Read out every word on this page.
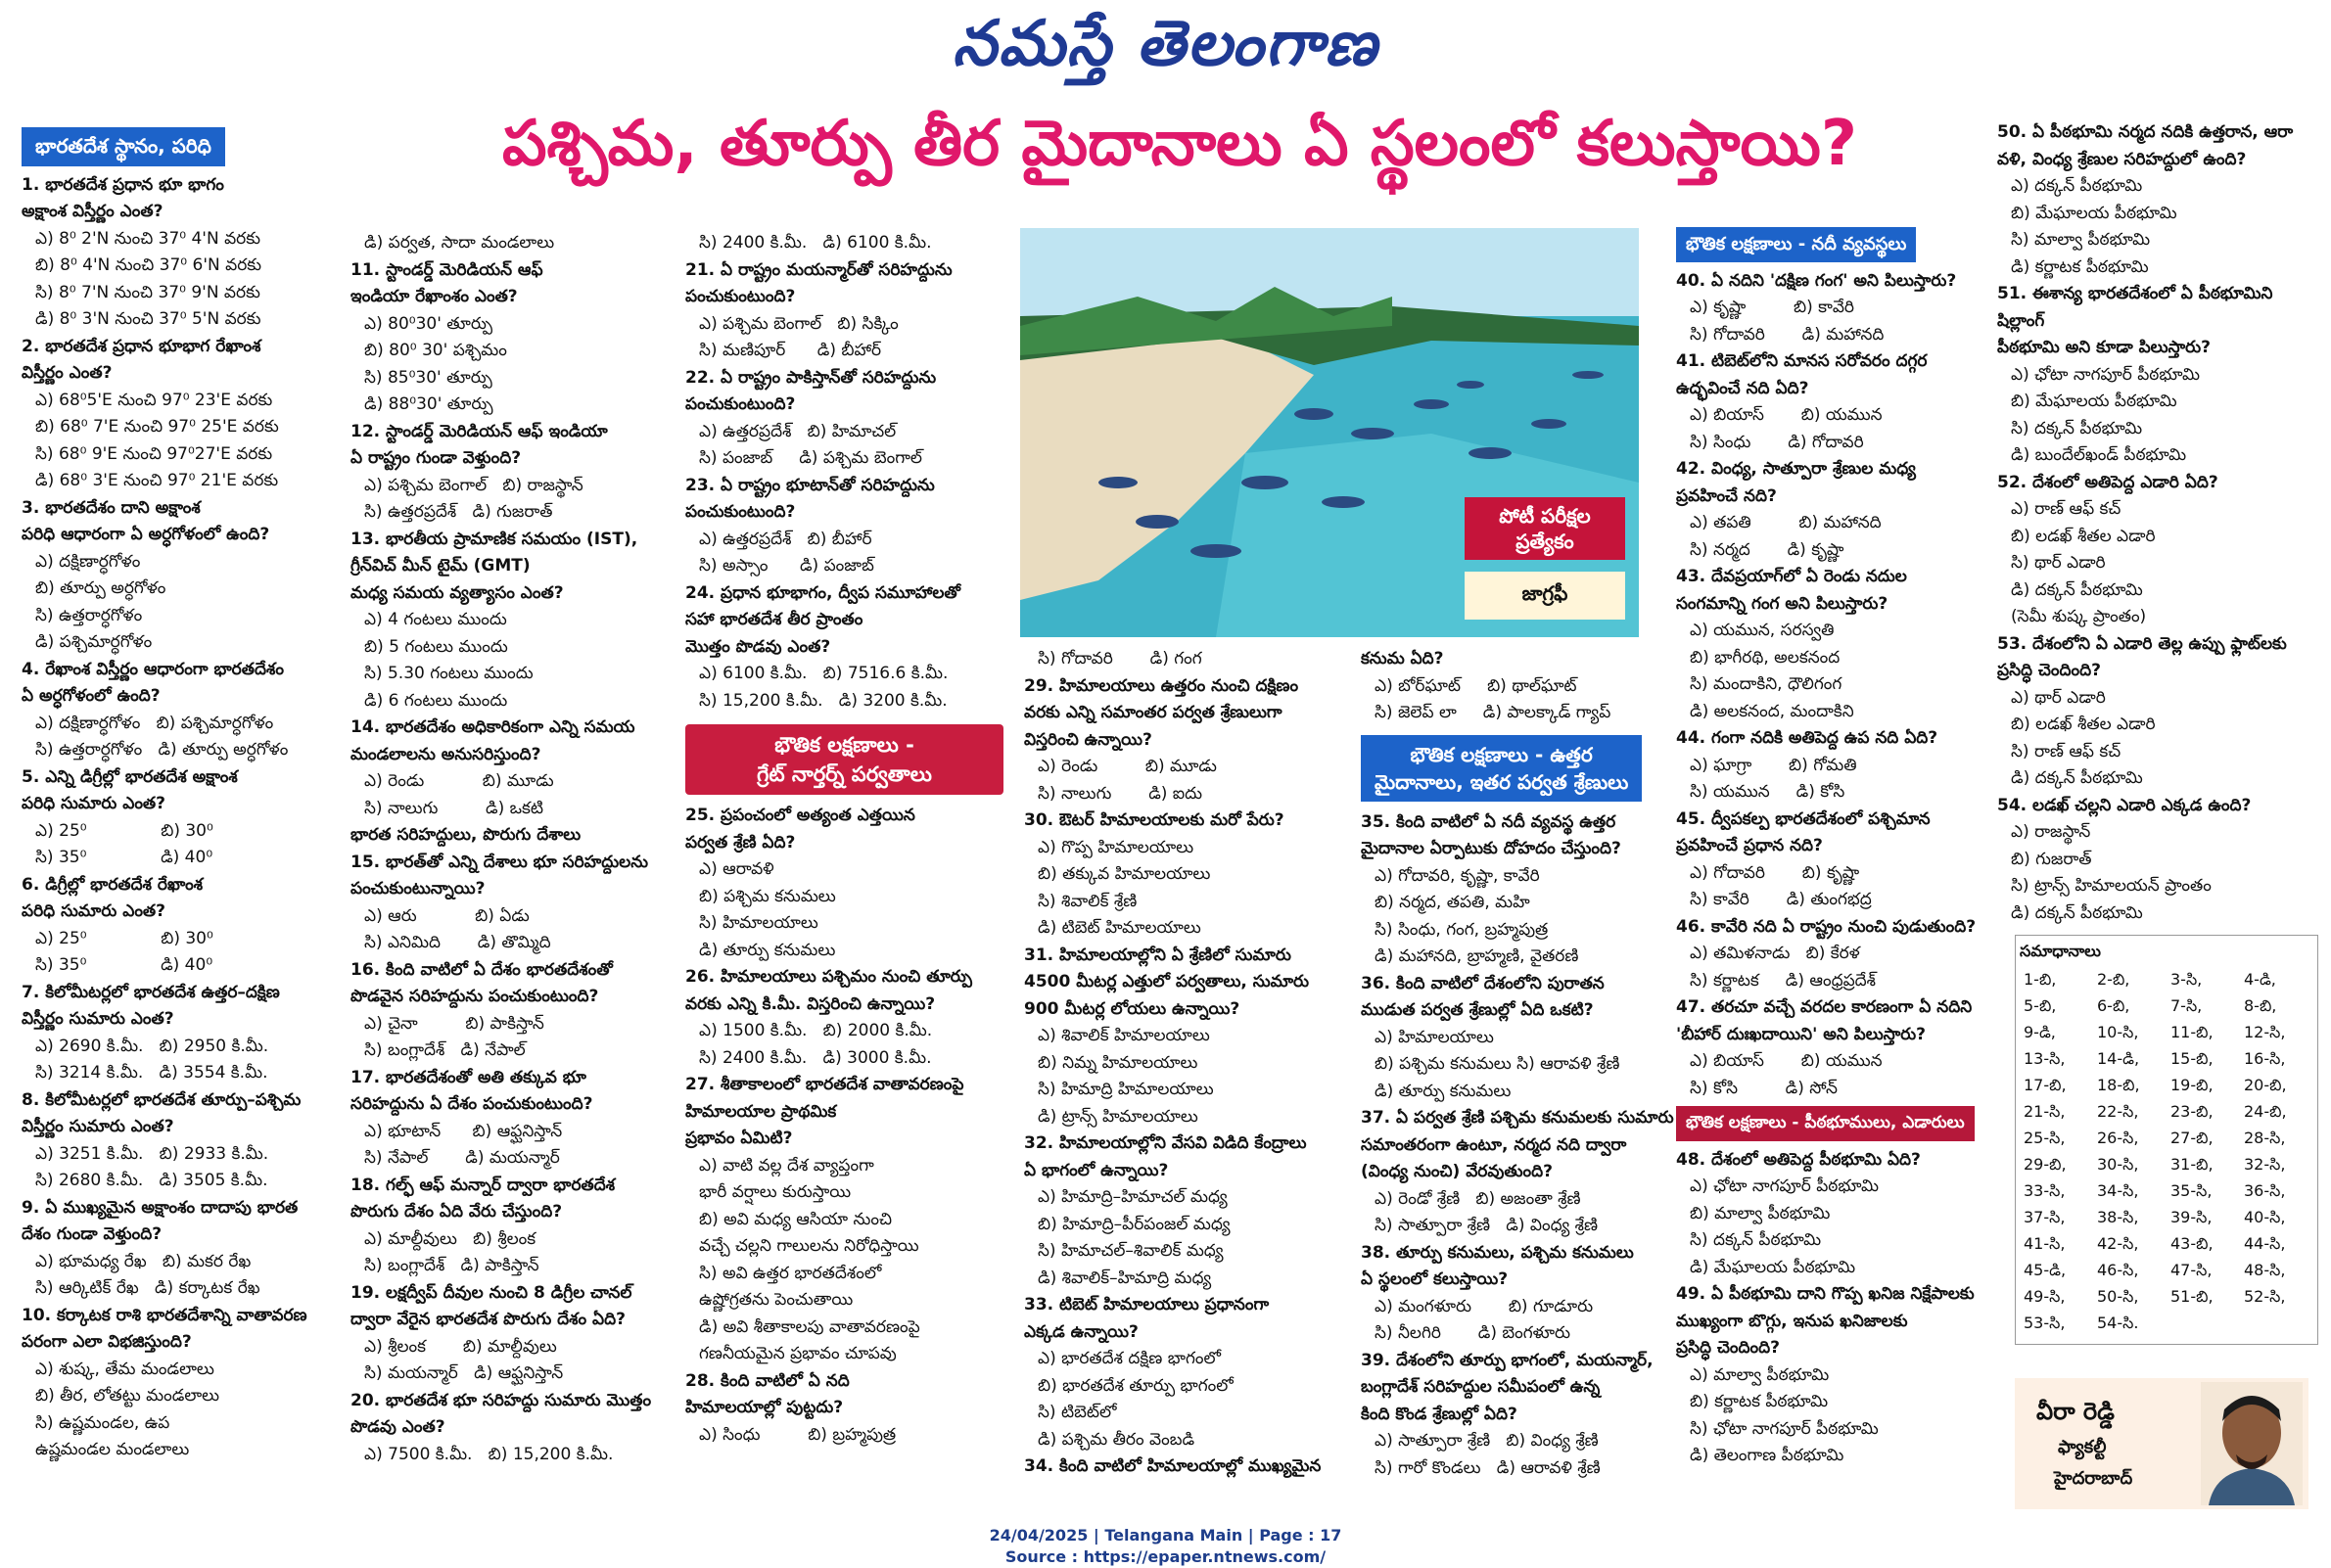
నమస్తే తెలంగాణ
పశ్చిమ, తూర్పు తీర మైదానాలు ఏ స్థలంలో కలుస్తాయి?
భారతదేశ స్థానం, పరిధి
1. భారతదేశ ప్రధాన భూ భాగం
అక్షాంశ విస్తీర్ణం ఎంత?
ఎ) 8⁰ 2'N నుంచి 37⁰ 4'N వరకు
బి) 8⁰ 4'N నుంచి 37⁰ 6'N వరకు
సి) 8⁰ 7'N నుంచి 37⁰ 9'N వరకు
డి) 8⁰ 3'N నుంచి 37⁰ 5'N వరకు
2. భారతదేశ ప్రధాన భూభాగ రేఖాంశ
విస్తీర్ణం ఎంత?
ఎ) 68⁰5'E నుంచి 97⁰ 23'E వరకు
బి) 68⁰ 7'E నుంచి 97⁰ 25'E వరకు
సి) 68⁰ 9'E నుంచి 97⁰27'E వరకు
డి) 68⁰ 3'E నుంచి 97⁰ 21'E వరకు
3. భారతదేశం దాని అక్షాంశ
పరిధి ఆధారంగా ఏ అర్ధగోళంలో ఉంది?
ఎ) దక్షిణార్ధగోళం
బి) తూర్పు అర్ధగోళం
సి) ఉత్తరార్ధగోళం
డి) పశ్చిమార్ధగోళం
4. రేఖాంశ విస్తీర్ణం ఆధారంగా భారతదేశం
ఏ అర్ధగోళంలో ఉంది?
ఎ) దక్షిణార్ధగోళం   బి) పశ్చిమార్ధగోళం
సి) ఉత్తరార్ధగోళం   డి) తూర్పు అర్ధగోళం
5. ఎన్ని డిగ్రీల్లో భారతదేశ అక్షాంశ
పరిధి సుమారు ఎంత?
ఎ) 25⁰              బి) 30⁰
సి) 35⁰              డి) 40⁰
6. డిగ్రీల్లో భారతదేశ రేఖాంశ
పరిధి సుమారు ఎంత?
ఎ) 25⁰              బి) 30⁰
సి) 35⁰              డి) 40⁰
7. కిలోమీటర్లలో భారతదేశ ఉత్తర–దక్షిణ
విస్తీర్ణం సుమారు ఎంత?
ఎ) 2690 కి.మీ.   బి) 2950 కి.మీ.
సి) 3214 కి.మీ.   డి) 3554 కి.మీ.
8. కిలోమీటర్లలో భారతదేశ తూర్పు–పశ్చిమ
విస్తీర్ణం సుమారు ఎంత?
ఎ) 3251 కి.మీ.   బి) 2933 కి.మీ.
సి) 2680 కి.మీ.   డి) 3505 కి.మీ.
9. ఏ ముఖ్యమైన అక్షాంశం దాదాపు భారత
దేశం గుండా వెళ్తుంది?
ఎ) భూమధ్య రేఖ   బి) మకర రేఖ
సి) ఆర్కిటిక్ రేఖ   డి) కర్కాటక రేఖ
10. కర్కాటక రాశి భారతదేశాన్ని వాతావరణ
పరంగా ఎలా విభజిస్తుంది?
ఎ) శుష్క, తేమ మండలాలు
బి) తీర, లోతట్టు మండలాలు
సి) ఉష్ణమండల, ఉప
ఉష్ణమండల మండలాలు
డి) పర్వత, సాదా మండలాలు
11. స్టాండర్డ్ మెరిడియన్ ఆఫ్
ఇండియా రేఖాంశం ఎంత?
ఎ) 80⁰30' తూర్పు
బి) 80⁰ 30' పశ్చిమం
సి) 85⁰30' తూర్పు
డి) 88⁰30' తూర్పు
12. స్టాండర్డ్ మెరిడియన్ ఆఫ్ ఇండియా
ఏ రాష్ట్రం గుండా వెళ్తుంది?
ఎ) పశ్చిమ బెంగాల్   బి) రాజస్థాన్
సి) ఉత్తరప్రదేశ్   డి) గుజరాత్
13. భారతీయ ప్రామాణిక సమయం (IST),
గ్రీన్‌విచ్ మీన్ టైమ్ (GMT)
మధ్య సమయ వ్యత్యాసం ఎంత?
ఎ) 4 గంటలు ముందు
బి) 5 గంటలు ముందు
సి) 5.30 గంటలు ముందు
డి) 6 గంటలు ముందు
14. భారతదేశం అధికారికంగా ఎన్ని సమయ
మండలాలను అనుసరిస్తుంది?
ఎ) రెండు           బి) మూడు
సి) నాలుగు         డి) ఒకటి
భారత సరిహద్దులు, పొరుగు దేశాలు
15. భారత్‌తో ఎన్ని దేశాలు భూ సరిహద్దులను
పంచుకుంటున్నాయి?
ఎ) ఆరు           బి) ఏడు
సి) ఎనిమిది       డి) తొమ్మిది
16. కింది వాటిలో ఏ దేశం భారతదేశంతో
పొడవైన సరిహద్దును పంచుకుంటుంది?
ఎ) చైనా         బి) పాకిస్తాన్
సి) బంగ్లాదేశ్   డి) నేపాల్
17. భారతదేశంతో అతి తక్కువ భూ
సరిహద్దును ఏ దేశం పంచుకుంటుంది?
ఎ) భూటాన్      బి) ఆఫ్ఘనిస్తాన్
సి) నేపాల్       డి) మయన్మార్
18. గల్ఫ్ ఆఫ్ మన్నార్ ద్వారా భారతదేశ
పొరుగు దేశం ఏది వేరు చేస్తుంది?
ఎ) మాల్దీవులు   బి) శ్రీలంక
సి) బంగ్లాదేశ్   డి) పాకిస్తాన్
19. లక్షద్వీప్ దీవుల నుంచి 8 డిగ్రీల చానల్
ద్వారా వేరైన భారతదేశ పొరుగు దేశం ఏది?
ఎ) శ్రీలంక       బి) మాల్దీవులు
సి) మయన్మార్   డి) ఆఫ్ఘనిస్తాన్
20. భారతదేశ భూ సరిహద్దు సుమారు మొత్తం
పొడవు ఎంత?
ఎ) 7500 కి.మీ.   బి) 15,200 కి.మీ.
సి) 2400 కి.మీ.   డి) 6100 కి.మీ.
21. ఏ రాష్ట్రం మయన్మార్‌తో సరిహద్దును
పంచుకుంటుంది?
ఎ) పశ్చిమ బెంగాల్   బి) సిక్కిం
సి) మణిపూర్      డి) బీహార్
22. ఏ రాష్ట్రం పాకిస్తాన్‌తో సరిహద్దును
పంచుకుంటుంది?
ఎ) ఉత్తరప్రదేశ్   బి) హిమాచల్
సి) పంజాబ్     డి) పశ్చిమ బెంగాల్
23. ఏ రాష్ట్రం భూటాన్‌తో సరిహద్దును
పంచుకుంటుంది?
ఎ) ఉత్తరప్రదేశ్   బి) బీహార్
సి) అస్సాం      డి) పంజాబ్
24. ప్రధాన భూభాగం, ద్వీప సమూహాలతో
సహా భారతదేశ తీర ప్రాంతం
మొత్తం పొడవు ఎంత?
ఎ) 6100 కి.మీ.   బి) 7516.6 కి.మీ.
సి) 15,200 కి.మీ.   డి) 3200 కి.మీ.
భౌతిక లక్షణాలు -
గ్రేట్ నార్తర్న్ పర్వతాలు
25. ప్రపంచంలో అత్యంత ఎత్తయిన
పర్వత శ్రేణి ఏది?
ఎ) ఆరావళి
బి) పశ్చిమ కనుమలు
సి) హిమాలయాలు
డి) తూర్పు కనుమలు
26. హిమాలయాలు పశ్చిమం నుంచి తూర్పు
వరకు ఎన్ని కి.మీ. విస్తరించి ఉన్నాయి?
ఎ) 1500 కి.మీ.   బి) 2000 కి.మీ.
సి) 2400 కి.మీ.   డి) 3000 కి.మీ.
27. శీతాకాలంలో భారతదేశ వాతావరణంపై
హిమాలయాల ప్రాథమిక
ప్రభావం ఏమిటి?
ఎ) వాటి వల్ల దేశ వ్యాప్తంగా
భారీ వర్షాలు కురుస్తాయి
బి) అవి మధ్య ఆసియా నుంచి
వచ్చే చల్లని గాలులను నిరోధిస్తాయి
సి) అవి ఉత్తర భారతదేశంలో
ఉష్ణోగ్రతను పెంచుతాయి
డి) అవి శీతాకాలపు వాతావరణంపై
గణనీయమైన ప్రభావం చూపవు
28. కింది వాటిలో ఏ నది
హిమాలయాల్లో పుట్టదు?
ఎ) సింధు         బి) బ్రహ్మపుత్ర
పోటీ పరీక్షల
ప్రత్యేకం
జాగ్రఫీ
సి) గోదావరి       డి) గంగ
29. హిమాలయాలు ఉత్తరం నుంచి దక్షిణం
వరకు ఎన్ని సమాంతర పర్వత శ్రేణులుగా
విస్తరించి ఉన్నాయి?
ఎ) రెండు         బి) మూడు
సి) నాలుగు       డి) ఐదు
30. ఔటర్ హిమాలయాలకు మరో పేరు?
ఎ) గొప్ప హిమాలయాలు
బి) తక్కువ హిమాలయాలు
సి) శివాలిక్ శ్రేణి
డి) టిబెట్ హిమాలయాలు
31. హిమాలయాల్లోని ఏ శ్రేణిలో సుమారు
4500 మీటర్ల ఎత్తులో పర్వతాలు, సుమారు
900 మీటర్ల లోయలు ఉన్నాయి?
ఎ) శివాలిక్ హిమాలయాలు
బి) నిమ్న హిమాలయాలు
సి) హిమాద్రి హిమాలయాలు
డి) ట్రాన్స్ హిమాలయాలు
32. హిమాలయాల్లోని వేసవి విడిది కేంద్రాలు
ఏ భాగంలో ఉన్నాయి?
ఎ) హిమాద్రి–హిమాచల్ మధ్య
బి) హిమాద్రి–పీర్‌పంజల్ మధ్య
సి) హిమాచల్–శివాలిక్ మధ్య
డి) శివాలిక్–హిమాద్రి మధ్య
33. టిబెట్ హిమాలయాలు ప్రధానంగా
ఎక్కడ ఉన్నాయి?
ఎ) భారతదేశ దక్షిణ భాగంలో
బి) భారతదేశ తూర్పు భాగంలో
సి) టిబెట్‌లో
డి) పశ్చిమ తీరం వెంబడి
34. కింది వాటిలో హిమాలయాల్లో ముఖ్యమైన
కనుమ ఏది?
ఎ) బోర్‌ఘాట్     బి) థాల్‌ఘాట్
సి) జెలెప్ లా     డి) పాలక్కాడ్ గ్యాప్
భౌతిక లక్షణాలు - ఉత్తర
మైదానాలు, ఇతర పర్వత శ్రేణులు
35. కింది వాటిలో ఏ నదీ వ్యవస్థ ఉత్తర
మైదానాల ఏర్పాటుకు దోహదం చేస్తుంది?
ఎ) గోదావరి, కృష్ణా, కావేరి
బి) నర్మద, తపతి, మహి
సి) సింధు, గంగ, బ్రహ్మపుత్ర
డి) మహానది, బ్రాహ్మణి, వైతరణి
36. కింది వాటిలో దేశంలోని పురాతన
ముడుత పర్వత శ్రేణుల్లో ఏది ఒకటి?
ఎ) హిమాలయాలు
బి) పశ్చిమ కనుమలు సి) ఆరావళి శ్రేణి
డి) తూర్పు కనుమలు
37. ఏ పర్వత శ్రేణి పశ్చిమ కనుమలకు సుమారు
సమాంతరంగా ఉంటూ, నర్మద నది ద్వారా
(వింధ్య నుంచి) వేరవుతుంది?
ఎ) రెండో శ్రేణి   బి) అజంతా శ్రేణి
సి) సాత్పూరా శ్రేణి   డి) వింధ్య శ్రేణి
38. తూర్పు కనుమలు, పశ్చిమ కనుమలు
ఏ స్థలంలో కలుస్తాయి?
ఎ) మంగళూరు       బి) గూడూరు
సి) నీలగిరి       డి) బెంగళూరు
39. దేశంలోని తూర్పు భాగంలో, మయన్మార్,
బంగ్లాదేశ్ సరిహద్దుల సమీపంలో ఉన్న
కింది కొండ శ్రేణుల్లో ఏది?
ఎ) సాత్పూరా శ్రేణి   బి) వింధ్య శ్రేణి
సి) గారో కొండలు   డి) ఆరావళి శ్రేణి
భౌతిక లక్షణాలు - నదీ వ్యవస్థలు
40. ఏ నదిని 'దక్షిణ గంగ' అని పిలుస్తారు?
ఎ) కృష్ణా         బి) కావేరి
సి) గోదావరి       డి) మహానది
41. టిబెట్‌లోని మానస సరోవరం దగ్గర
ఉద్భవించే నది ఏది?
ఎ) బియాస్       బి) యమున
సి) సింధు       డి) గోదావరి
42. వింధ్య, సాత్పూరా శ్రేణుల మధ్య
ప్రవహించే నది?
ఎ) తపతి         బి) మహానది
సి) నర్మద       డి) కృష్ణా
43. దేవప్రయాగ్‌లో ఏ రెండు నదుల
సంగమాన్ని గంగ అని పిలుస్తారు?
ఎ) యమున, సరస్వతి
బి) భాగీరథి, అలకనంద
సి) మందాకిని, ధౌలిగంగ
డి) అలకనంద, మందాకిని
44. గంగా నదికి అతిపెద్ద ఉప నది ఏది?
ఎ) ఘాగ్రా       బి) గోమతి
సి) యమున     డి) కోసి
45. ద్వీపకల్ప భారతదేశంలో పశ్చిమాన
ప్రవహించే ప్రధాన నది?
ఎ) గోదావరి       బి) కృష్ణా
సి) కావేరి       డి) తుంగభద్ర
46. కావేరి నది ఏ రాష్ట్రం నుంచి పుడుతుంది?
ఎ) తమిళనాడు   బి) కేరళ
సి) కర్ణాటక     డి) ఆంధ్రప్రదేశ్
47. తరచూ వచ్చే వరదల కారణంగా ఏ నదిని
'బీహార్ దుఃఖదాయిని' అని పిలుస్తారు?
ఎ) బియాస్       బి) యమున
సి) కోసి         డి) సోన్
భౌతిక లక్షణాలు - పీఠభూములు, ఎడారులు
48. దేశంలో అతిపెద్ద పీఠభూమి ఏది?
ఎ) ఛోటా నాగపూర్ పీఠభూమి
బి) మాల్వా పీఠభూమి
సి) దక్కన్ పీఠభూమి
డి) మేఘాలయ పీఠభూమి
49. ఏ పీఠభూమి దాని గొప్ప ఖనిజ నిక్షేపాలకు
ముఖ్యంగా బొగ్గు, ఇనుప ఖనిజాలకు
ప్రసిద్ధి చెందింది?
ఎ) మాల్వా పీఠభూమి
బి) కర్ణాటక పీఠభూమి
సి) ఛోటా నాగపూర్ పీఠభూమి
డి) తెలంగాణ పీఠభూమి
50. ఏ పీఠభూమి నర్మద నదికి ఉత్తరాన, ఆరా
వళి, వింధ్య శ్రేణుల సరిహద్దులో ఉంది?
ఎ) దక్కన్ పీఠభూమి
బి) మేఘాలయ పీఠభూమి
సి) మాల్వా పీఠభూమి
డి) కర్ణాటక పీఠభూమి
51. ఈశాన్య భారతదేశంలో ఏ పీఠభూమిని షిల్లాంగ్
పీఠభూమి అని కూడా పిలుస్తారు?
ఎ) ఛోటా నాగపూర్ పీఠభూమి
బి) మేఘాలయ పీఠభూమి
సి) దక్కన్ పీఠభూమి
డి) బుందేల్‌ఖండ్ పీఠభూమి
52. దేశంలో అతిపెద్ద ఎడారి ఏది?
ఎ) రాణ్ ఆఫ్ కచ్
బి) లడఖ్ శీతల ఎడారి
సి) థార్ ఎడారి
డి) దక్కన్ పీఠభూమి
(సెమీ శుష్క ప్రాంతం)
53. దేశంలోని ఏ ఎడారి తెల్ల ఉప్పు ఫ్లాట్‌లకు
ప్రసిద్ధి చెందింది?
ఎ) థార్ ఎడారి
బి) లడఖ్ శీతల ఎడారి
సి) రాణ్ ఆఫ్ కచ్
డి) దక్కన్ పీఠభూమి
54. లడఖ్ చల్లని ఎడారి ఎక్కడ ఉంది?
ఎ) రాజస్థాన్
బి) గుజరాత్
సి) ట్రాన్స్ హిమాలయన్ ప్రాంతం
డి) దక్కన్ పీఠభూమి
సమాధానాలు
1-బి,	2-బి,	3-సి,	4-డి,
5-బి,	6-బి,	7-సి,	8-బి,
9-డి,	10-సి,	11-బి,	12-సి,
13-సి,	14-డి,	15-బి,	16-సి,
17-బి,	18-బి,	19-బి,	20-బి,
21-సి,	22-సి,	23-బి,	24-బి,
25-సి,	26-సి,	27-బి,	28-సి,
29-బి,	30-సి,	31-బి,	32-సి,
33-సి,	34-సి,	35-సి,	36-సి,
37-సి,	38-సి,	39-సి,	40-సి,
41-సి,	42-సి,	43-బి,	44-సి,
45-డి,	46-సి,	47-సి,	48-సి,
49-సి,	50-సి,	51-బి,	52-సి,
53-సి,	54-సి.		
వీరా రెడ్డి
ఫ్యాకల్టీ
హైదరాబాద్
24/04/2025 | Telangana Main | Page : 17
Source : https://epaper.ntnews.com/
